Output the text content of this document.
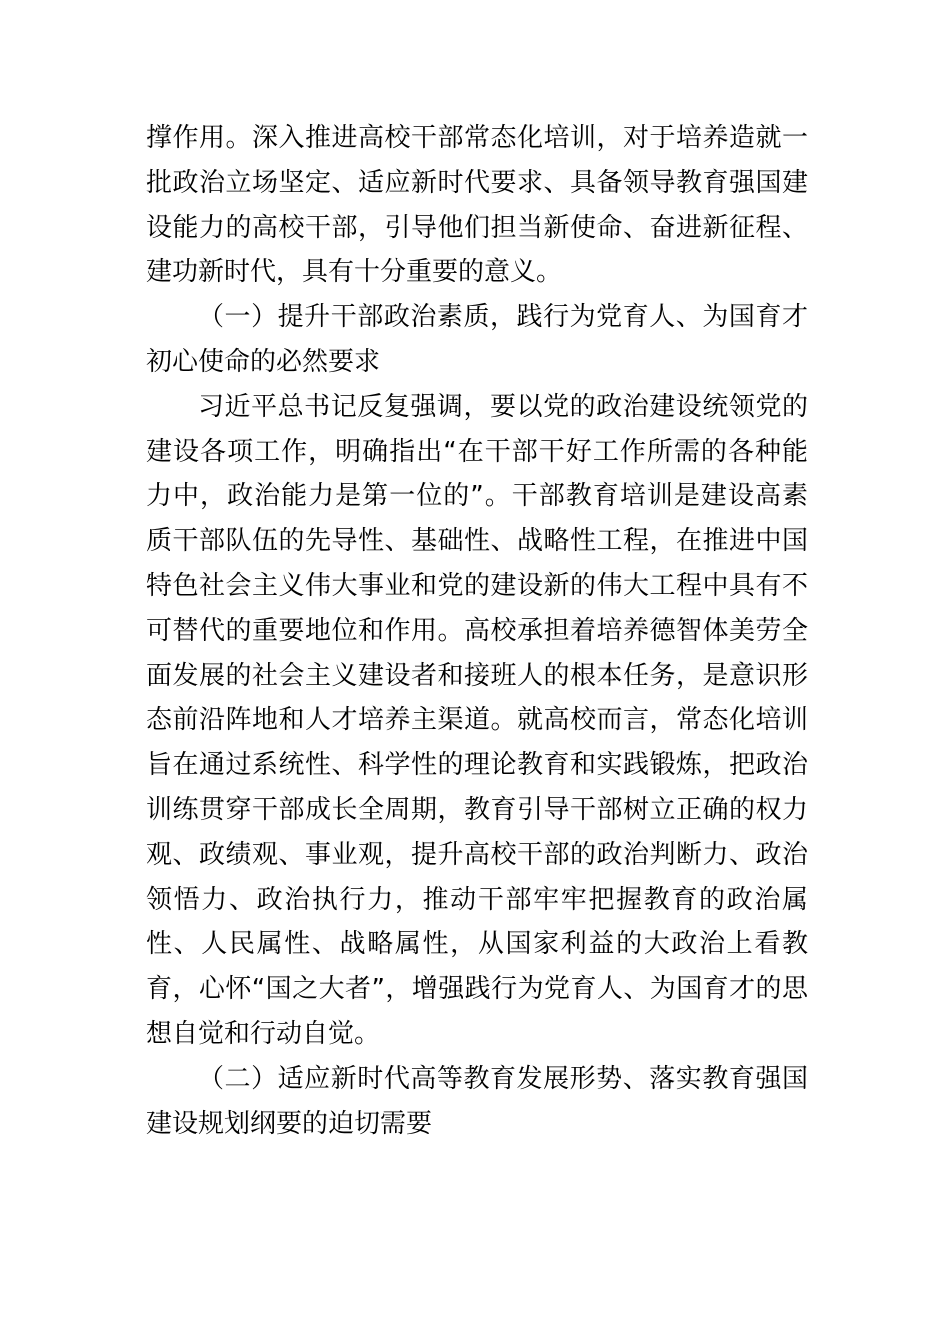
撑作用。深入推进高校干部常态化培训，对于培养造就一批政治立场坚定、适应新时代要求、具备领导教育强国建设能力的高校干部，引导他们担当新使命、奋进新征程、建功新时代，具有十分重要的意义。

（一）提升干部政治素质，践行为党育人、为国育才初心使命的必然要求

习近平总书记反复强调，要以党的政治建设统领党的建设各项工作，明确指出“在干部干好工作所需的各种能力中，政治能力是第一位的”。干部教育培训是建设高素质干部队伍的先导性、基础性、战略性工程，在推进中国特色社会主义伟大事业和党的建设新的伟大工程中具有不可替代的重要地位和作用。高校承担着培养德智体美劳全面发展的社会主义建设者和接班人的根本任务，是意识形态前沿阵地和人才培养主渠道。就高校而言，常态化培训旨在通过系统性、科学性的理论教育和实践锻炼，把政治训练贯穿干部成长全周期，教育引导干部树立正确的权力观、政绩观、事业观，提升高校干部的政治判断力、政治领悟力、政治执行力，推动干部牢牢把握教育的政治属性、人民属性、战略属性，从国家利益的大政治上看教育，心怀“国之大者”，增强践行为党育人、为国育才的思想自觉和行动自觉。

（二）适应新时代高等教育发展形势、落实教育强国建设规划纲要的迫切需要
